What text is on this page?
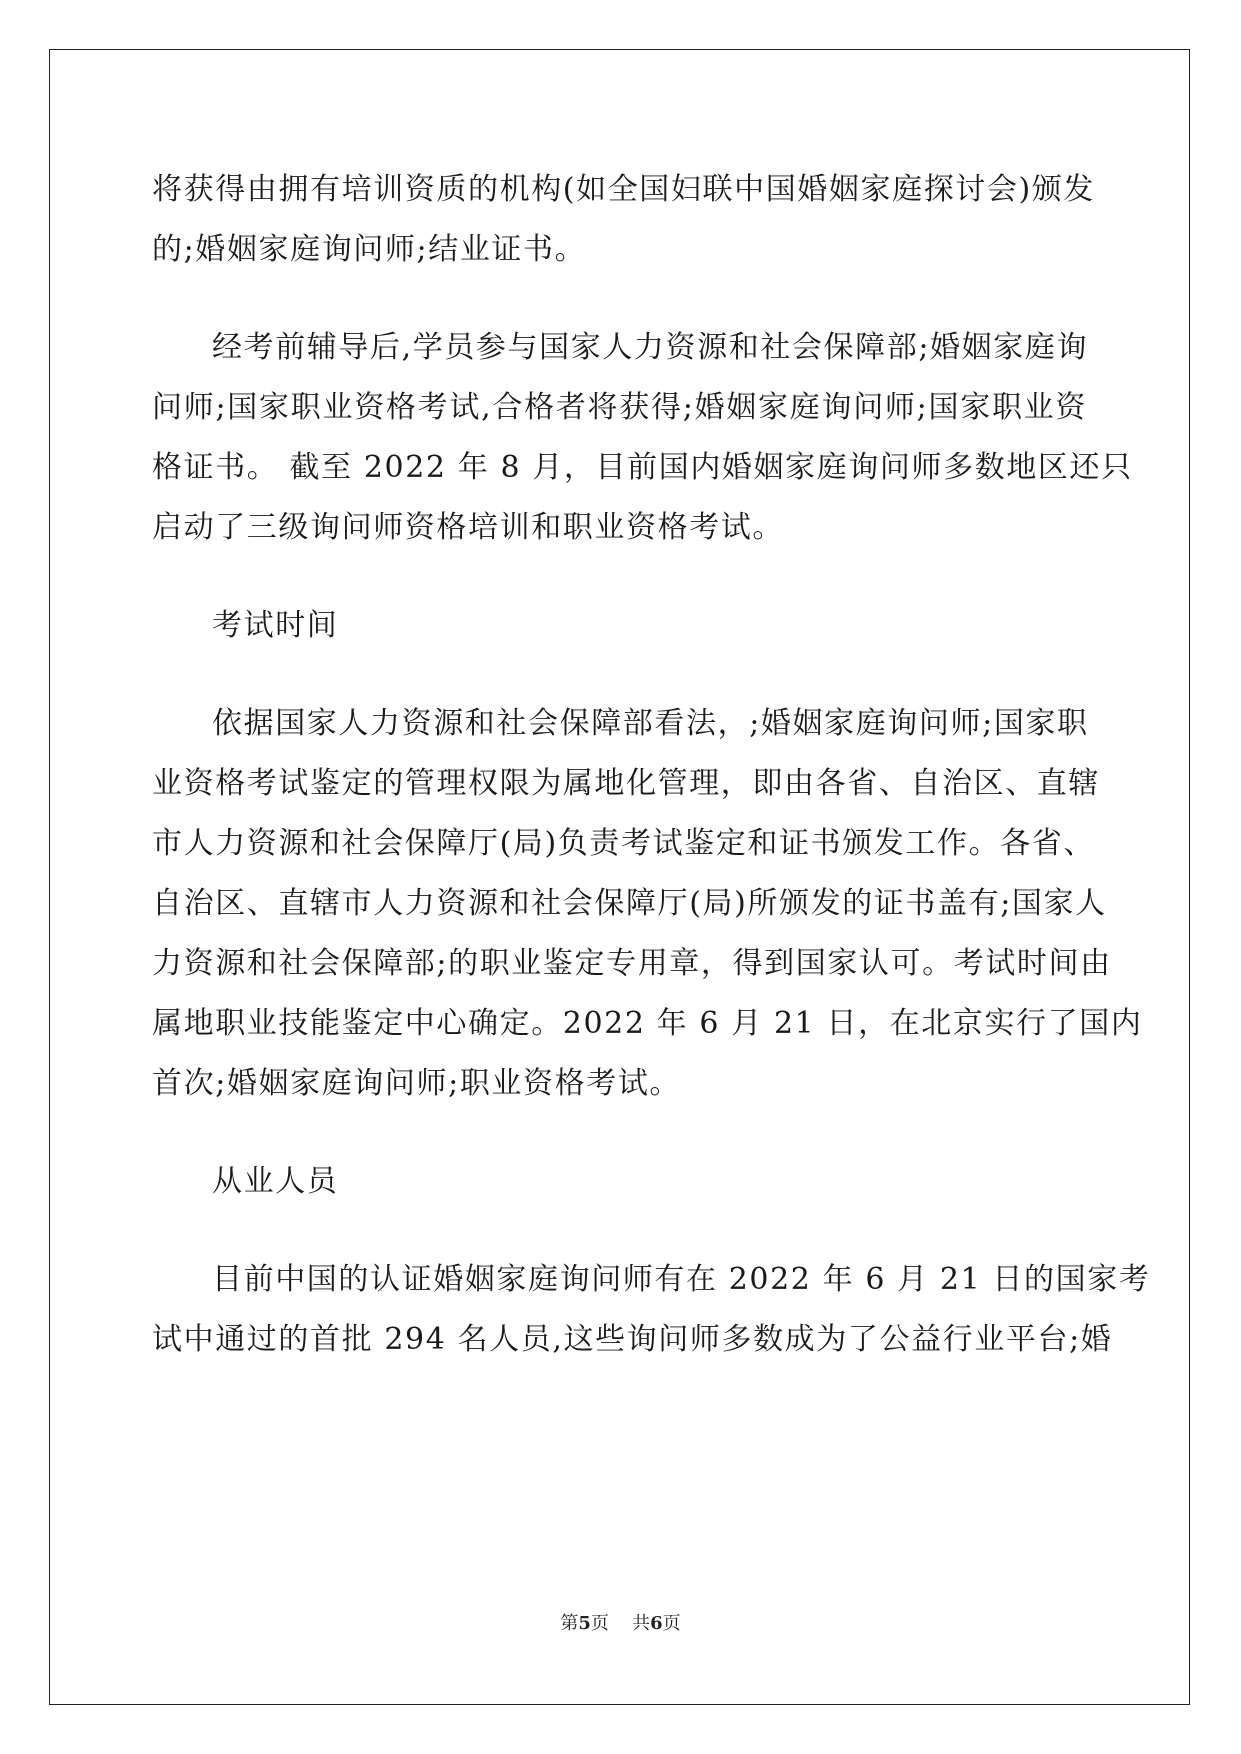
将获得由拥有培训资质的机构(如全国妇联中国婚姻家庭探讨会)颁发
的;婚姻家庭询问师;结业证书。
经考前辅导后,学员参与国家人力资源和社会保障部;婚姻家庭询
问师;国家职业资格考试,合格者将获得;婚姻家庭询问师;国家职业资
格证书。 截至 2022 年 8 月，目前国内婚姻家庭询问师多数地区还只
启动了三级询问师资格培训和职业资格考试。
考试时间
依据国家人力资源和社会保障部看法，;婚姻家庭询问师;国家职
业资格考试鉴定的管理权限为属地化管理，即由各省、自治区、直辖
市人力资源和社会保障厅(局)负责考试鉴定和证书颁发工作。各省、
自治区、直辖市人力资源和社会保障厅(局)所颁发的证书盖有;国家人
力资源和社会保障部;的职业鉴定专用章，得到国家认可。考试时间由
属地职业技能鉴定中心确定。2022 年 6 月 21 日，在北京实行了国内
首次;婚姻家庭询问师;职业资格考试。
从业人员
目前中国的认证婚姻家庭询问师有在 2022 年 6 月 21 日的国家考
试中通过的首批 294 名人员,这些询问师多数成为了公益行业平台;婚
第5页 共6页
